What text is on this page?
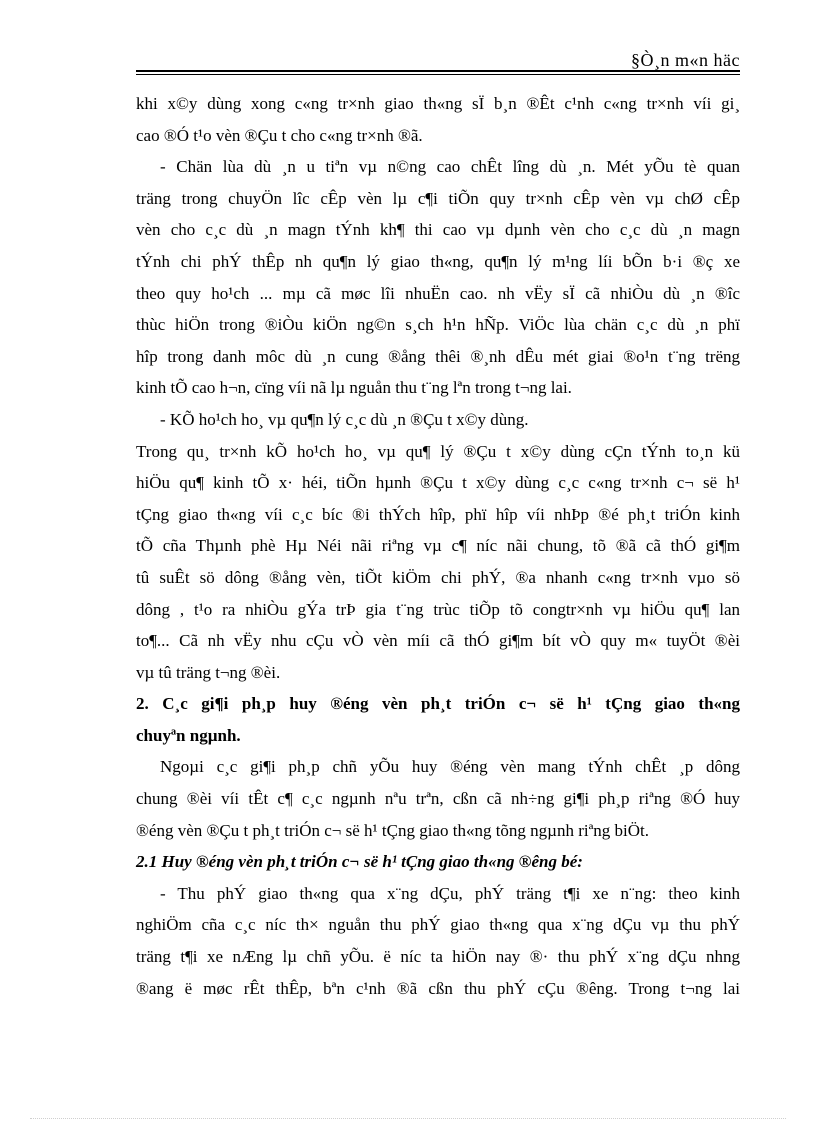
§Ò¸n m«n häc
khi x©y dùng xong c«ng tr×nh giao th«ng sÏ b¸n ®Êt c¹nh c«ng tr×nh víi gi¸
cao ®Ó t¹o vèn ®Çu t cho c«ng tr×nh ®ã.
- Chän lùa dù ¸n u tiªn vµ n©ng cao chÊt lîng dù ¸n. Mét yÕu tè quan
träng trong chuyÖn lîc cÊp vèn lµ c¶i tiÕn quy tr×nh cÊp vèn vµ chØ cÊp
vèn cho c¸c dù ¸n magn tÝnh kh¶ thi cao vµ dµnh vèn cho c¸c dù ¸n magn
tÝnh chi phÝ thÊp nh qu¶n lý giao th«ng, qu¶n lý m¹ng líi bÕn b·i ®ç xe
theo quy ho¹ch ... mµ cã møc lîi nhuËn cao. nh vËy sÏ cã nhiÒu dù ¸n ®îc
thùc hiÖn trong ®iÒu kiÖn ng©n s¸ch h¹n hÑp. ViÖc lùa chän c¸c dù ¸n phï
hîp trong danh môc dù ¸n cung ®ång thêi ®¸nh dÊu mét giai ®o¹n t¨ng trëng
kinh tÕ cao h¬n, cïng víi nã lµ nguån thu t¨ng lªn trong t¬ng lai.
- KÕ ho¹ch ho¸ vµ qu¶n lý c¸c dù ¸n ®Çu t x©y dùng.
Trong qu¸ tr×nh kÕ ho¹ch ho¸ vµ qu¶ lý ®Çu t x©y dùng cÇn tÝnh to¸n kü
hiÖu qu¶ kinh tÕ x· héi, tiÕn hµnh ®Çu t x©y dùng c¸c c«ng tr×nh c¬ së h¹
tÇng giao th«ng víi c¸c bíc ®i thÝch hîp, phï hîp víi nhÞp ®é ph¸t triÓn kinh
tÕ cña Thµnh phè Hµ Néi nãi riªng vµ c¶ níc nãi chung, tõ ®ã cã thÓ gi¶m
tû suÊt sö dông ®ång vèn, tiÕt kiÖm chi phÝ, ®a nhanh c«ng tr×nh vµo sö
dông , t¹o ra nhiÒu gÝa trÞ gia t¨ng trùc tiÕp tõ congtr×nh vµ hiÖu qu¶ lan
to¶... Cã nh vËy nhu cÇu vÒ vèn míi cã thÓ gi¶m bít vÒ quy m« tuyÖt ®èi
vµ tû träng t¬ng ®èi.
2. C¸c gi¶i ph¸p huy ®éng vèn ph¸t triÓn c¬ së h¹ tÇng giao th«ng
chuyªn ngµnh.
Ngoµi c¸c gi¶i ph¸p chñ yÕu huy ®éng vèn mang tÝnh chÊt ¸p dông
chung ®èi víi tÊt c¶ c¸c ngµnh nªu trªn, cßn cã nh÷ng gi¶i ph¸p riªng ®Ó huy
®éng vèn ®Çu t ph¸t triÓn c¬ së h¹ tÇng giao th«ng tõng ngµnh riªng biÖt.
2.1 Huy ®éng vèn ph¸t triÓn c¬ së h¹ tÇng giao th«ng ®êng bé:
- Thu phÝ giao th«ng qua x¨ng dÇu, phÝ träng t¶i xe n¨ng: theo kinh
nghiÖm cña c¸c níc th× nguån thu phÝ giao th«ng qua x¨ng dÇu vµ thu phÝ
träng t¶i xe nÆng lµ chñ yÕu. ë níc ta hiÖn nay ®· thu phÝ x¨ng dÇu nhng
®ang ë møc rÊt thÊp, bªn c¹nh ®ã cßn thu phÝ cÇu ®êng. Trong t¬ng lai
